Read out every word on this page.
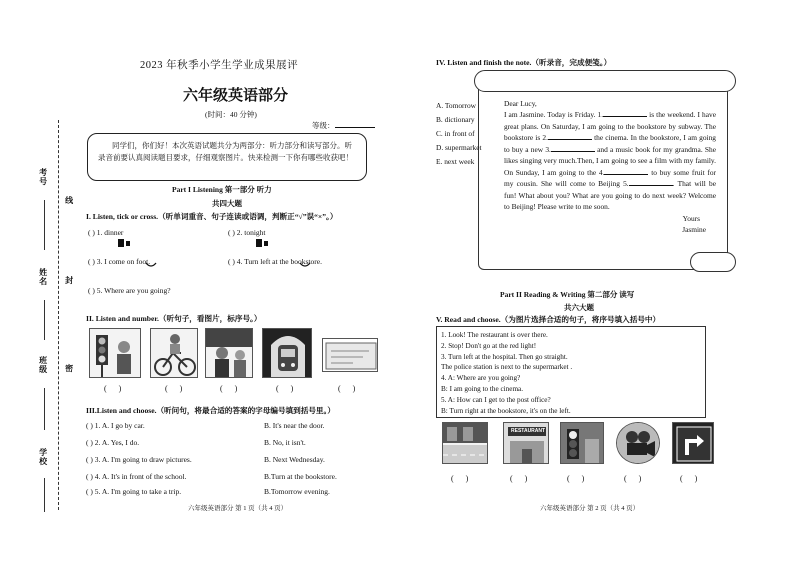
考号
线
姓名 封
班级 密
学校
2023 年秋季小学生学业成果展评
六年级英语部分
(时间：40 分钟)
等级：
同学们，你们好！本次英语试题共分为两部分：听力部分和读写部分。听录音前要认真阅读题目要求，仔细观察图片。快来检测一下你有哪些收获吧！
Part I Listening 第一部分 听力
共四大题
I. Listen, tick or cross.（听单词重音、句子连读或语调，判断正“√”误“×”。）
( ) 1. dinner	( ) 2. tonight

( ) 3. I come on foot.	( ) 4. Turn left at the bookstore.
( ) 5. Where are you going?
II. Listen and number.（听句子，看图片，标序号。）
(      )	(      )	(      )	(      )	(      )
III.Listen and choose.（听问句，将最合适的答案的字母编号填到括号里。）
( ) 1. A. I go by car.	B. It's near the door.
( ) 2. A. Yes, I do.	B. No, it isn't.
( ) 3. A. I'm going to draw pictures.	B. Next Wednesday.
( ) 4. A. It's in front of the school.	B.Turn at the bookstore.
( ) 5. A. I'm going to take a trip.	B.Tomorrow evening.
六年级英语部分 第 1 页（共 4 页）
IV. Listen and finish the note.（听录音，完成便笺。）
A. Tomorrow
B. dictionary
C. in front of
D. supermarket
E. next week
Dear Lucy,
I am Jasmine. Today is Friday. 1.	is the weekend. I have great plans. On Saturday, I am going to the bookstore by subway. The bookstore is 2.	the cinema. In the bookstore, I am going to buy a new 3.	and a music book for my grandma. She likes singing very much.Then, I am going to see a film with my family. On Sunday, I am going to the 4.	to buy some fruit for my cousin. She will come to Beijing 5.	. That will be fun! What about you? What are you going to do next week? Welcome to Beijing! Please write to me soon.
Yours
Jasmine
Part II Reading & Writing 第二部分 读写
共六大题
V. Read and choose.（为图片选择合适的句子，将序号填入括号中）
1. Look! The restaurant is over there.
2. Stop! Don't go at the red light!
3. Turn left at the hospital. Then go straight.
The police station is next to the supermarket .
4. A: Where are you going?
B: I am going to the cinema.
5. A: How can I get to the post office?
B: Turn right at the bookstore, it's on the left.
RESTAURANT
(      )	(      )	(      )	(      )	(      )
六年级英语部分 第 2 页（共 4 页）
